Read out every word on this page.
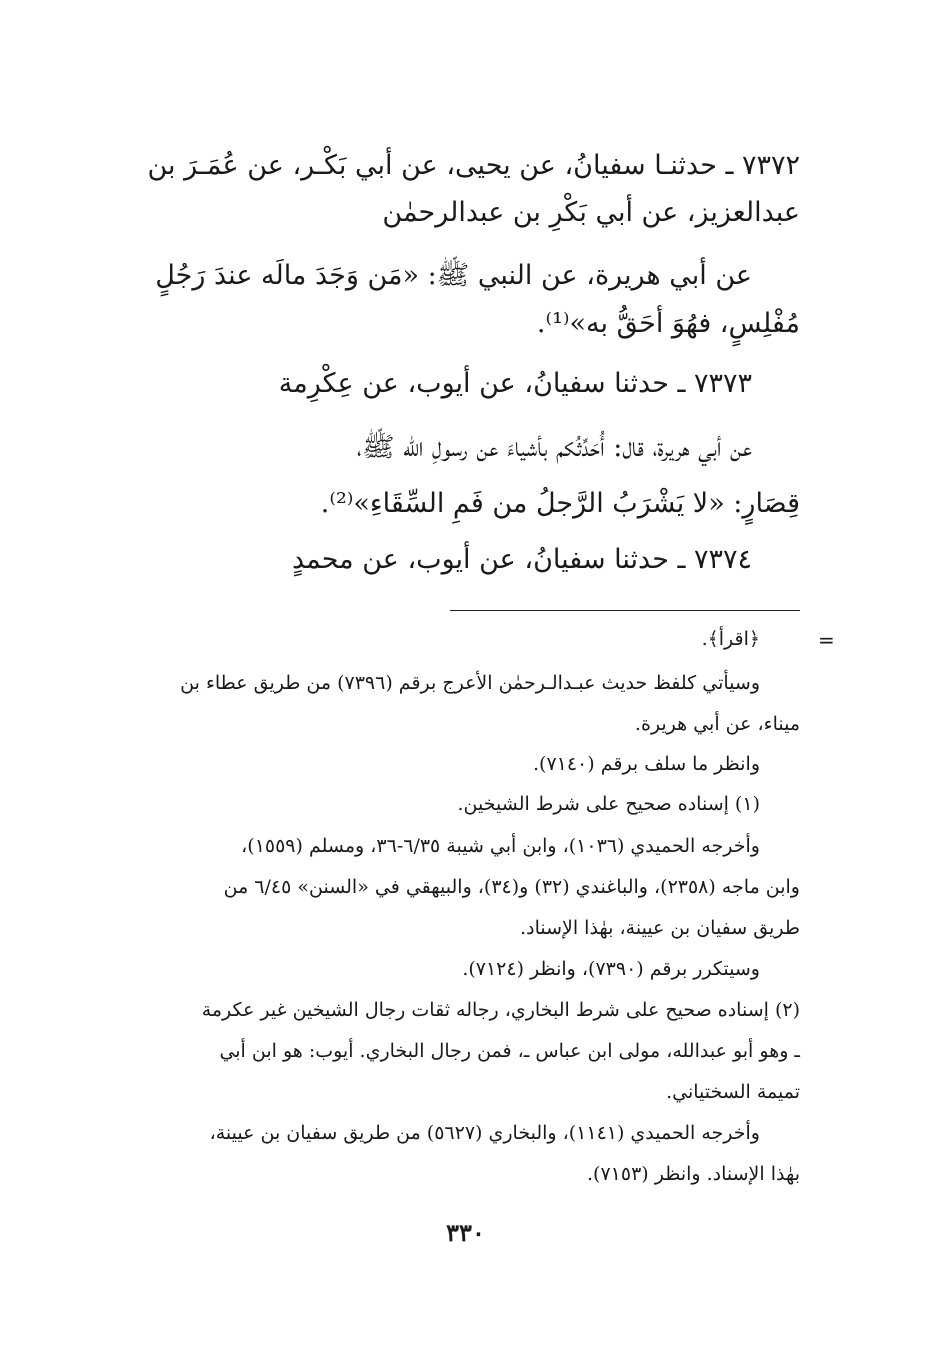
٧٣٧٢ ـ حدثنـا سفيانُ، عن يحيى، عن أبي بَكْـر، عن عُمَـرَ بن
عبدالعزيز، عن أبي بَكْرِ بن عبدالرحمٰن
عن أبي هريرة، عن النبي ﷺ: «مَن وَجَدَ مالَه عندَ رَجُلٍ
مُفْلِسٍ، فهُوَ أحَقُّ به»⁽¹⁾.
٧٣٧٣ ـ حدثنا سفيانُ، عن أيوب، عن عِكْرِمة
عن أبي هريرة، قال: أُحَدِّثُكم بأشياءَ عن رسولِ الله ﷺ،
قِصَارٍ: «لا يَشْرَبُ الرَّجلُ من فَمِ السِّقَاءِ»⁽²⁾.
٧٣٧٤ ـ حدثنا سفيانُ، عن أيوب، عن محمدٍ
﴿اقرأ﴾.
وسيأتي كلفظ حديث عبـدالـرحمٰن الأعرج برقم (٧٣٩٦) من طريق عطاء بن
ميناء، عن أبي هريرة.
وانظر ما سلف برقم (٧١٤٠).
(١) إسناده صحيح على شرط الشيخين.
وأخرجه الحميدي (١٠٣٦)، وابن أبي شيبة ٦/٣٥-٣٦، ومسلم (١٥٥٩)،
وابن ماجه (٢٣٥٨)، والباغندي (٣٢) و(٣٤)، والبيهقي في «السنن» ٦/٤٥ من
طريق سفيان بن عيينة، بهٰذا الإسناد.
وسيتكرر برقم (٧٣٩٠)، وانظر (٧١٢٤).
(٢) إسناده صحيح على شرط البخاري، رجاله ثقات رجال الشيخين غير عكرمة
ـ وهو أبو عبدالله، مولى ابن عباس ـ، فمن رجال البخاري. أيوب: هو ابن أبي
تميمة السختياني.
وأخرجه الحميدي (١١٤١)، والبخاري (٥٦٢٧) من طريق سفيان بن عيينة،
بهٰذا الإسناد. وانظر (٧١٥٣).
=
٣٣٠
